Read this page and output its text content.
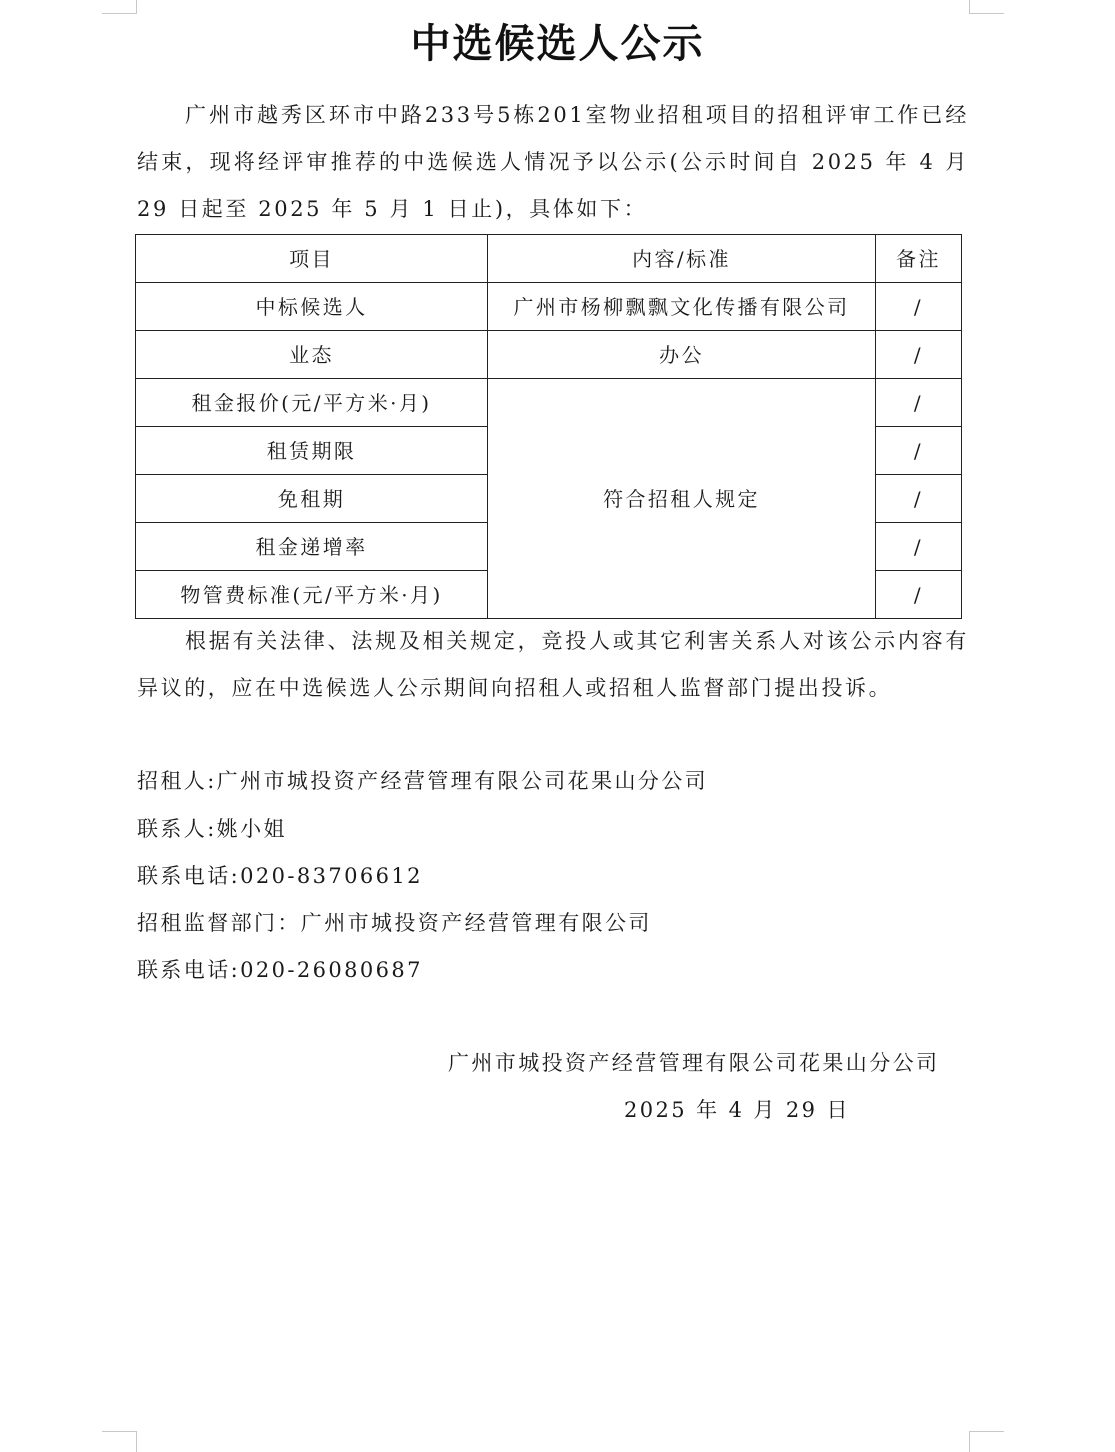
中选候选人公示

广州市越秀区环市中路233号5栋201室物业招租项目的招租评审工作已经结束，现将经评审推荐的中选候选人情况予以公示(公示时间自 2025 年 4 月 29 日起至 2025 年 5 月 1 日止)，具体如下：

项目	内容/标准	备注
中标候选人	广州市杨柳飘飘文化传播有限公司	/
业态	办公	/
租金报价(元/平方米·月)	符合招租人规定	/
租赁期限		/
免租期		/
租金递增率		/
物管费标准(元/平方米·月)		/

根据有关法律、法规及相关规定，竞投人或其它利害关系人对该公示内容有异议的，应在中选候选人公示期间向招租人或招租人监督部门提出投诉。

招租人:广州市城投资产经营管理有限公司花果山分公司
联系人:姚小姐
联系电话:020-83706612
招租监督部门：广州市城投资产经营管理有限公司
联系电话:020-26080687
广州市城投资产经营管理有限公司花果山分公司
2025 年 4 月 29 日
